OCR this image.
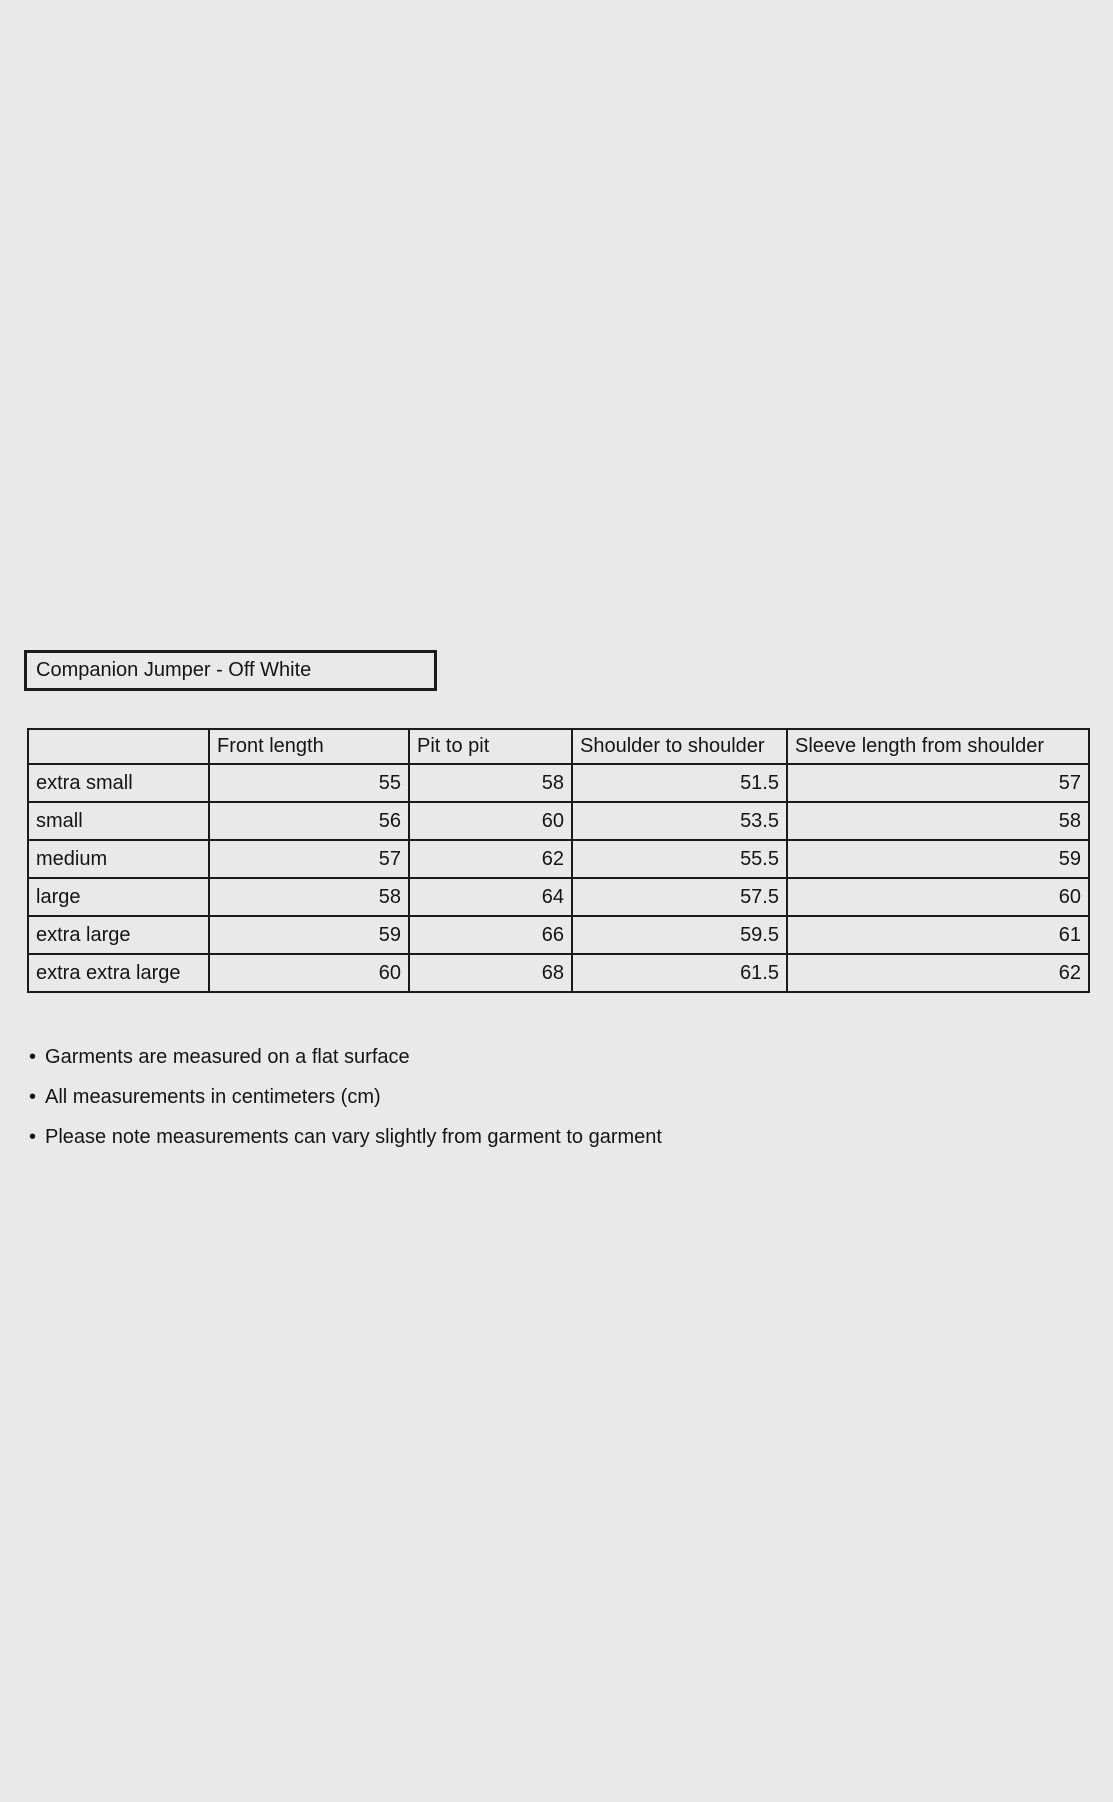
Companion Jumper - Off White
	Front length	Pit to pit	Shoulder to shoulder	Sleeve length from shoulder
extra small	55	58	51.5	57
small	56	60	53.5	58
medium	57	62	55.5	59
large	58	64	57.5	60
extra large	59	66	59.5	61
extra extra large	60	68	61.5	62
• Garments are measured on a flat surface
• All measurements in centimeters (cm)
• Please note measurements can vary slightly from garment to garment
